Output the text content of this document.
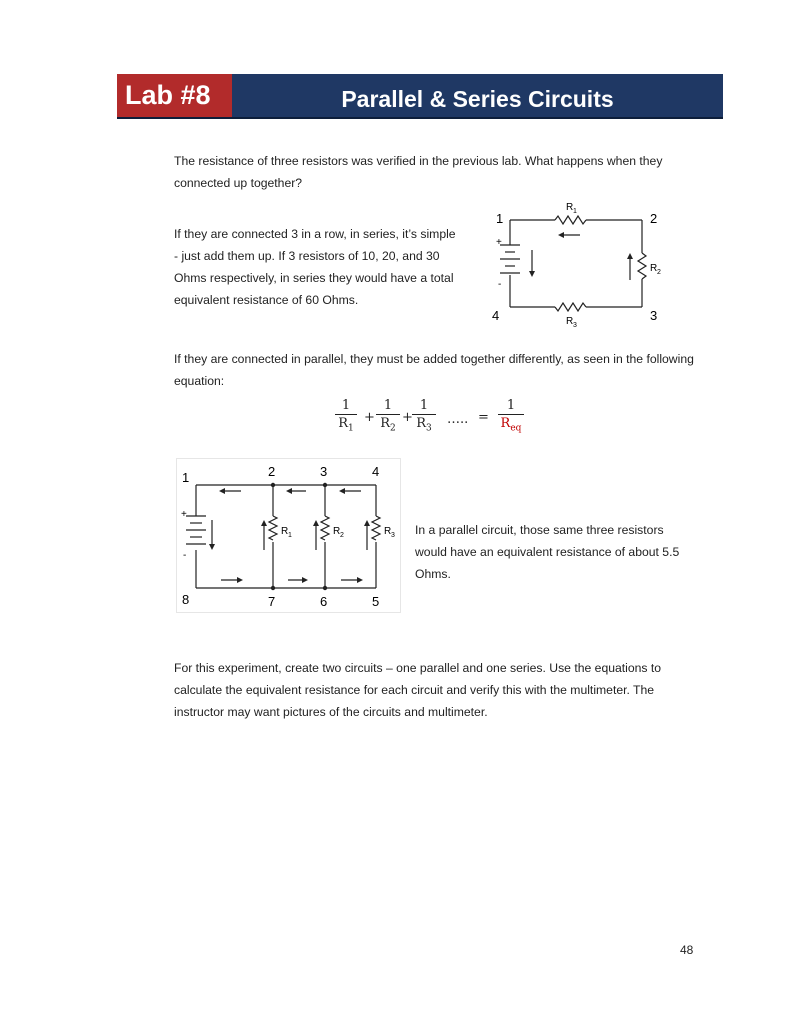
Lab #8	Parallel & Series Circuits
The resistance of three resistors was verified in the previous lab. What happens when they connected up together?
If they are connected 3 in a row, in series, it’s simple - just add them up. If 3 resistors of 10, 20, and 30 Ohms respectively, in series they would have a total equivalent resistance of 60 Ohms.
If they are connected in parallel, they must be added together differently, as seen in the following equation:
In a parallel circuit, those same three resistors would have an equivalent resistance of about 5.5 Ohms.
For this experiment, create two circuits – one parallel and one series. Use the equations to calculate the equivalent resistance for each circuit and verify this with the multimeter. The instructor may want pictures of the circuits and multimeter.
1	2
3
4
R 1
R 2
R 3
+
-
1
$R_1$
+
1
$R_2$
+
1
$R_3$
….. =
1
$R_{eq}$
1	2	3	4
8	7	6	5
R 1	R 2	R 3
+
-
48
